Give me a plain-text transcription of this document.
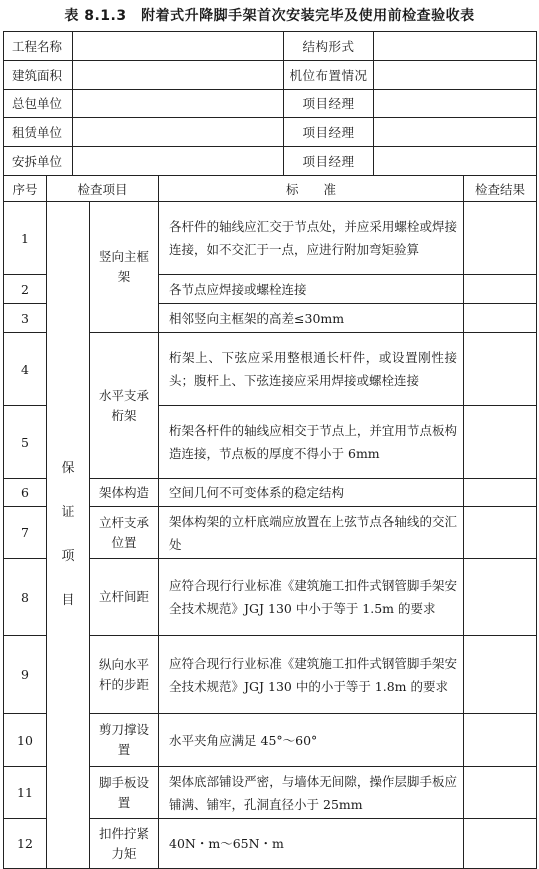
表 8.1.3　附着式升降脚手架首次安装完毕及使用前检查验收表
工程名称		结构形式	
建筑面积		机位布置情况	
总包单位		项目经理	
租赁单位		项目经理	
安拆单位		项目经理	
序号	检查项目		标　　准	检查结果
1	保证项目	竖向主框架	各杆件的轴线应汇交于节点处，并应采用螺栓或焊接连接，如不交汇于一点，应进行附加弯矩验算	
2			各节点应焊接或螺栓连接	
3			相邻竖向主框架的高差≤30mm	
4		水平支承桁架	桁架上、下弦应采用整根通长杆件，或设置刚性接头；腹杆上、下弦连接应采用焊接或螺栓连接	
5			桁架各杆件的轴线应相交于节点上，并宜用节点板构造连接，节点板的厚度不得小于 6mm	
6		架体构造	空间几何不可变体系的稳定结构	
7		立杆支承位置	架体构架的立杆底端应放置在上弦节点各轴线的交汇处	
8		立杆间距	应符合现行行业标准《建筑施工扣件式钢管脚手架安全技术规范》JGJ 130 中小于等于 1.5m 的要求	
9		纵向水平杆的步距	应符合现行行业标准《建筑施工扣件式钢管脚手架安全技术规范》JGJ 130 中的小于等于 1.8m 的要求	
10		剪刀撑设置	水平夹角应满足 45°～60°	
11		脚手板设置	架体底部铺设严密，与墙体无间隙，操作层脚手板应铺满、铺牢，孔洞直径小于 25mm	
12		扣件拧紧力矩	40N・m～65N・m	
